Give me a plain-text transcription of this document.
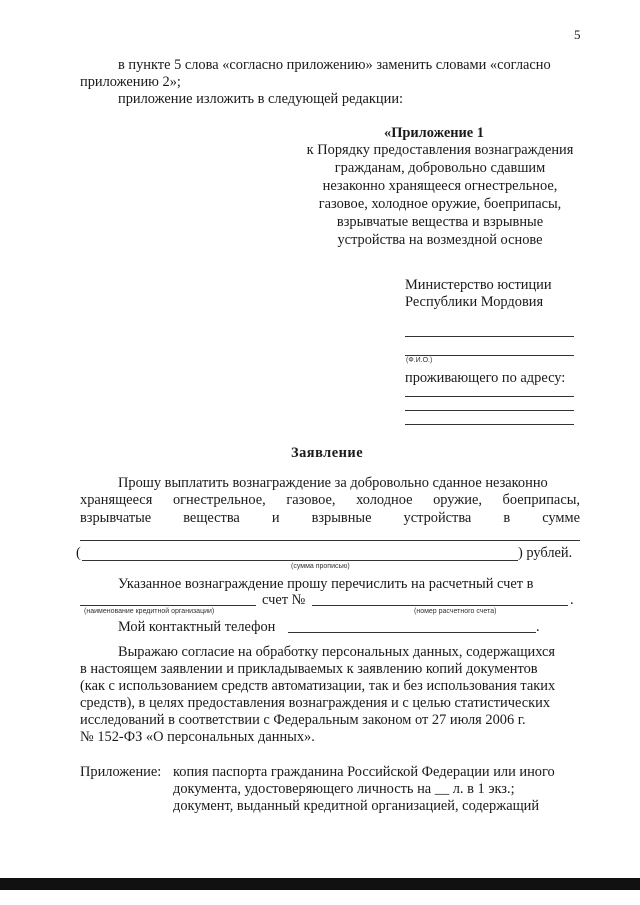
5
в пункте 5 слова «согласно приложению» заменить словами «согласно
приложению 2»;
приложение изложить в следующей редакции:
«Приложение 1
к Порядку предоставления вознаграждения
гражданам, добровольно сдавшим
незаконно хранящееся огнестрельное,
газовое, холодное оружие, боеприпасы,
взрывчатые вещества и взрывные
устройства на возмездной основе
Министерство юстиции
Республики Мордовия
(Ф.И.О.)
проживающего по адресу:
Заявление
Прошу выплатить вознаграждение за добровольно сданное незаконно
хранящееся огнестрельное, газовое, холодное оружие, боеприпасы,
взрывчатые вещества и взрывные устройства в сумме
(	) рублей.
(сумма прописью)
Указанное вознаграждение прошу перечислить на расчетный счет в
счет №	.
(наименование кредитной организации)	(номер расчетного счета)
Мой контактный телефон	.
Выражаю согласие на обработку персональных данных, содержащихся
в настоящем заявлении и прикладываемых к заявлению копий документов
(как с использованием средств автоматизации, так и без использования таких
средств), в целях предоставления вознаграждения и с целью статистических
исследований в соответствии с Федеральным законом от 27 июля 2006 г.
№ 152-ФЗ «О персональных данных».
Приложение: копия паспорта гражданина Российской Федерации или иного
документа, удостоверяющего личность на __ л. в 1 экз.;
документ, выданный кредитной организацией, содержащий
